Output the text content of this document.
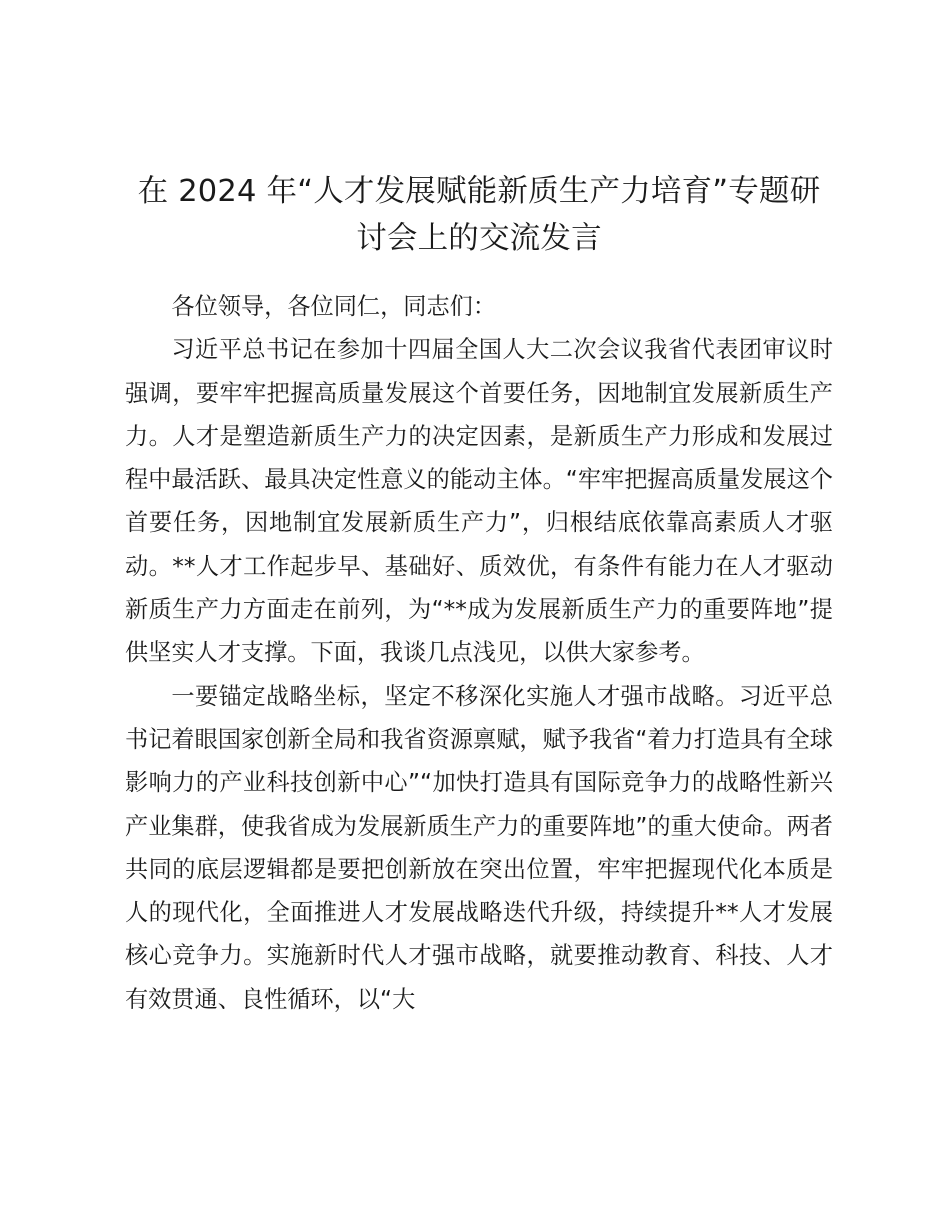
在 2024 年“人才发展赋能新质生产力培育”专题研讨会上的交流发言

各位领导，各位同仁，同志们：

习近平总书记在参加十四届全国人大二次会议我省代表团审议时强调，要牢牢把握高质量发展这个首要任务，因地制宜发展新质生产力。人才是塑造新质生产力的决定因素，是新质生产力形成和发展过程中最活跃、最具决定性意义的能动主体。“牢牢把握高质量发展这个首要任务，因地制宜发展新质生产力”，归根结底依靠高素质人才驱动。**人才工作起步早、基础好、质效优，有条件有能力在人才驱动新质生产力方面走在前列，为“**成为发展新质生产力的重要阵地”提供坚实人才支撑。下面，我谈几点浅见，以供大家参考。

一要锚定战略坐标，坚定不移深化实施人才强市战略。习近平总书记着眼国家创新全局和我省资源禀赋，赋予我省“着力打造具有全球影响力的产业科技创新中心”“加快打造具有国际竞争力的战略性新兴产业集群，使我省成为发展新质生产力的重要阵地”的重大使命。两者共同的底层逻辑都是要把创新放在突出位置，牢牢把握现代化本质是人的现代化，全面推进人才发展战略迭代升级，持续提升**人才发展核心竞争力。实施新时代人才强市战略，就要推动教育、科技、人才有效贯通、良性循环，以“大
